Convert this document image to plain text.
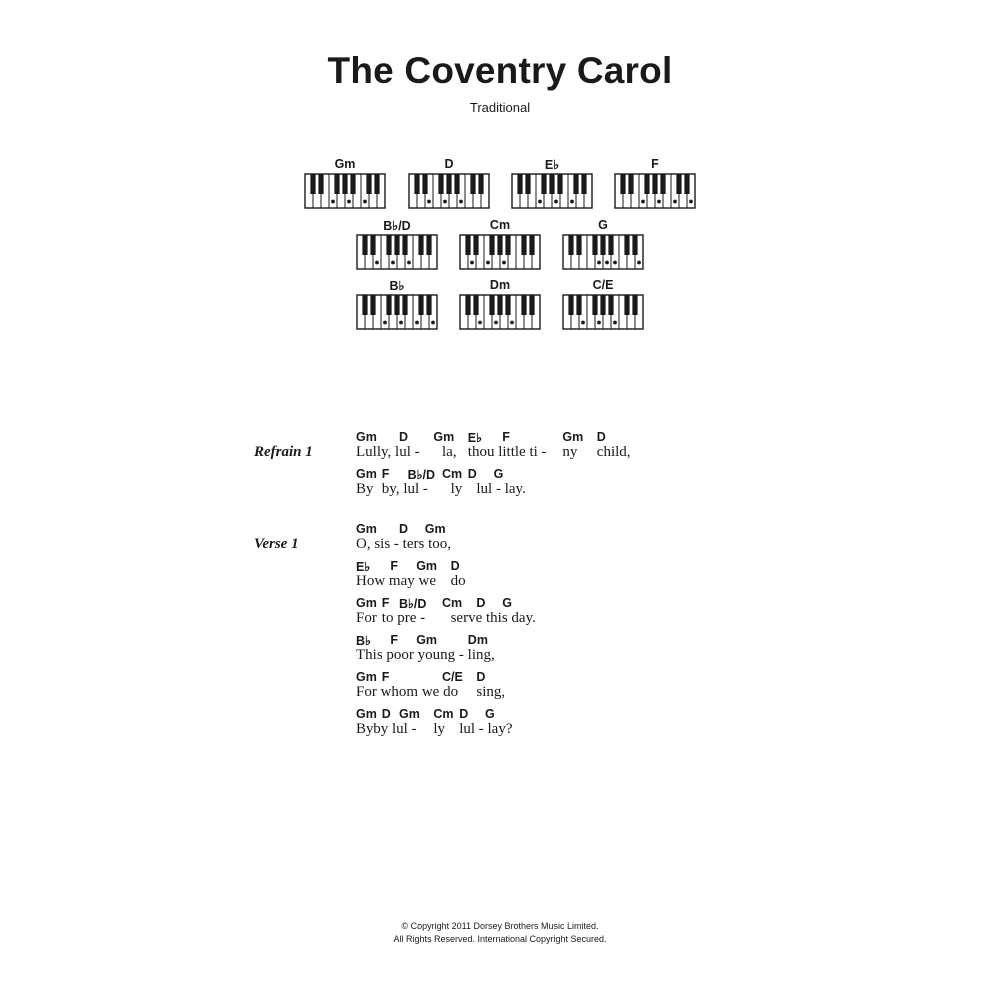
The Coventry Carol
Traditional
Gm	D	E♭	F
B♭/D	Cm	G
B♭	Dm	C/E
Refrain 1
Gm D Gm E♭ F	Gm D
Lully, lul - la, thou little ti - ny child,
Gm F B♭/D Cm D G
By by, lul - ly lul - lay.
Verse 1
Gm D Gm
O, sis - ters too,
E♭ F Gm D
How may we do
Gm F B♭/D Cm D G
For to pre - serve this day.
B♭ F Gm Dm
This poor young - ling,
Gm F	C/E D
For whom we do sing,
Gm D Gm Cm D G
By by lul - ly lul - lay?
© Copyright 2011 Dorsey Brothers Music Limited.
All Rights Reserved. International Copyright Secured.
